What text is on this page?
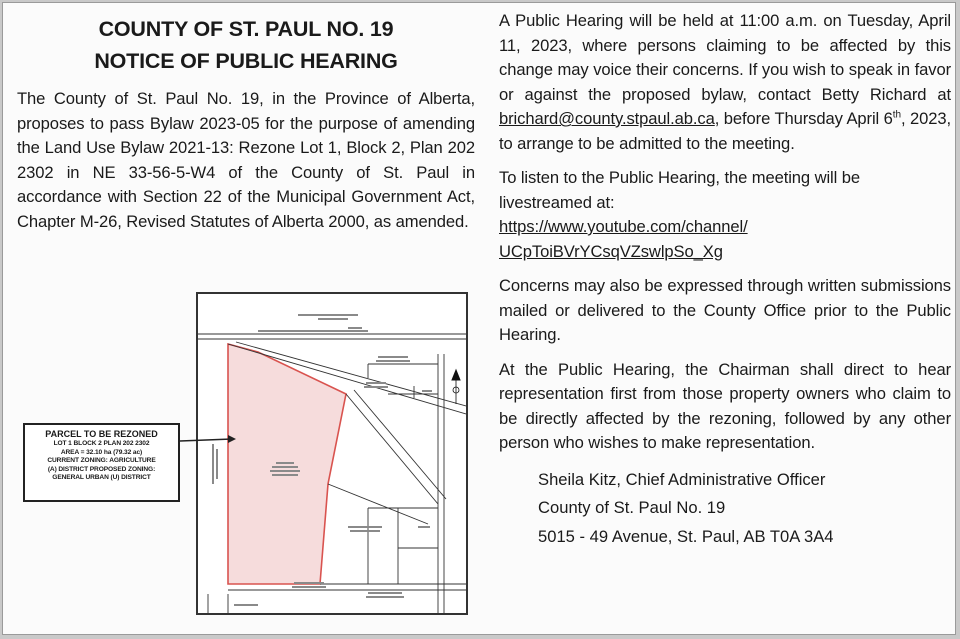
COUNTY OF ST. PAUL NO. 19

NOTICE OF PUBLIC HEARING

The County of St. Paul No. 19, in the Province of Alberta, proposes to pass Bylaw 2023-05 for the purpose of amending the Land Use Bylaw 2021-13: Rezone Lot 1, Block 2, Plan 202 2302 in NE 33-56-5-W4 of the County of St. Paul in accordance with Section 22 of the Municipal Government Act, Chapter M-26, Revised Statutes of Alberta 2000, as amended.

PARCEL TO BE REZONED
LOT 1 BLOCK 2 PLAN 202 2302
AREA = 32.10 ha (79.32 ac)
CURRENT ZONING: AGRICULTURE
(A) DISTRICT PROPOSED ZONING:
GENERAL URBAN (U) DISTRICT

A Public Hearing will be held at 11:00 a.m. on Tuesday, April 11, 2023, where persons claiming to be affected by this change may voice their concerns. If you wish to speak in favor or against the proposed bylaw, contact Betty Richard at brichard@county.stpaul.ab.ca, before Thursday April 6th, 2023, to arrange to be admitted to the meeting.

To listen to the Public Hearing, the meeting will be livestreamed at:
https://www.youtube.com/channel/
UCpToiBVrYCsqVZswlpSo_Xg

Concerns may also be expressed through written submissions mailed or delivered to the County Office prior to the Public Hearing.

At the Public Hearing, the Chairman shall direct to hear representation first from those property owners who claim to be directly affected by the rezoning, followed by any other person who wishes to make representation.

Sheila Kitz, Chief Administrative Officer
County of St. Paul No. 19
5015 - 49 Avenue, St. Paul, AB T0A 3A4
